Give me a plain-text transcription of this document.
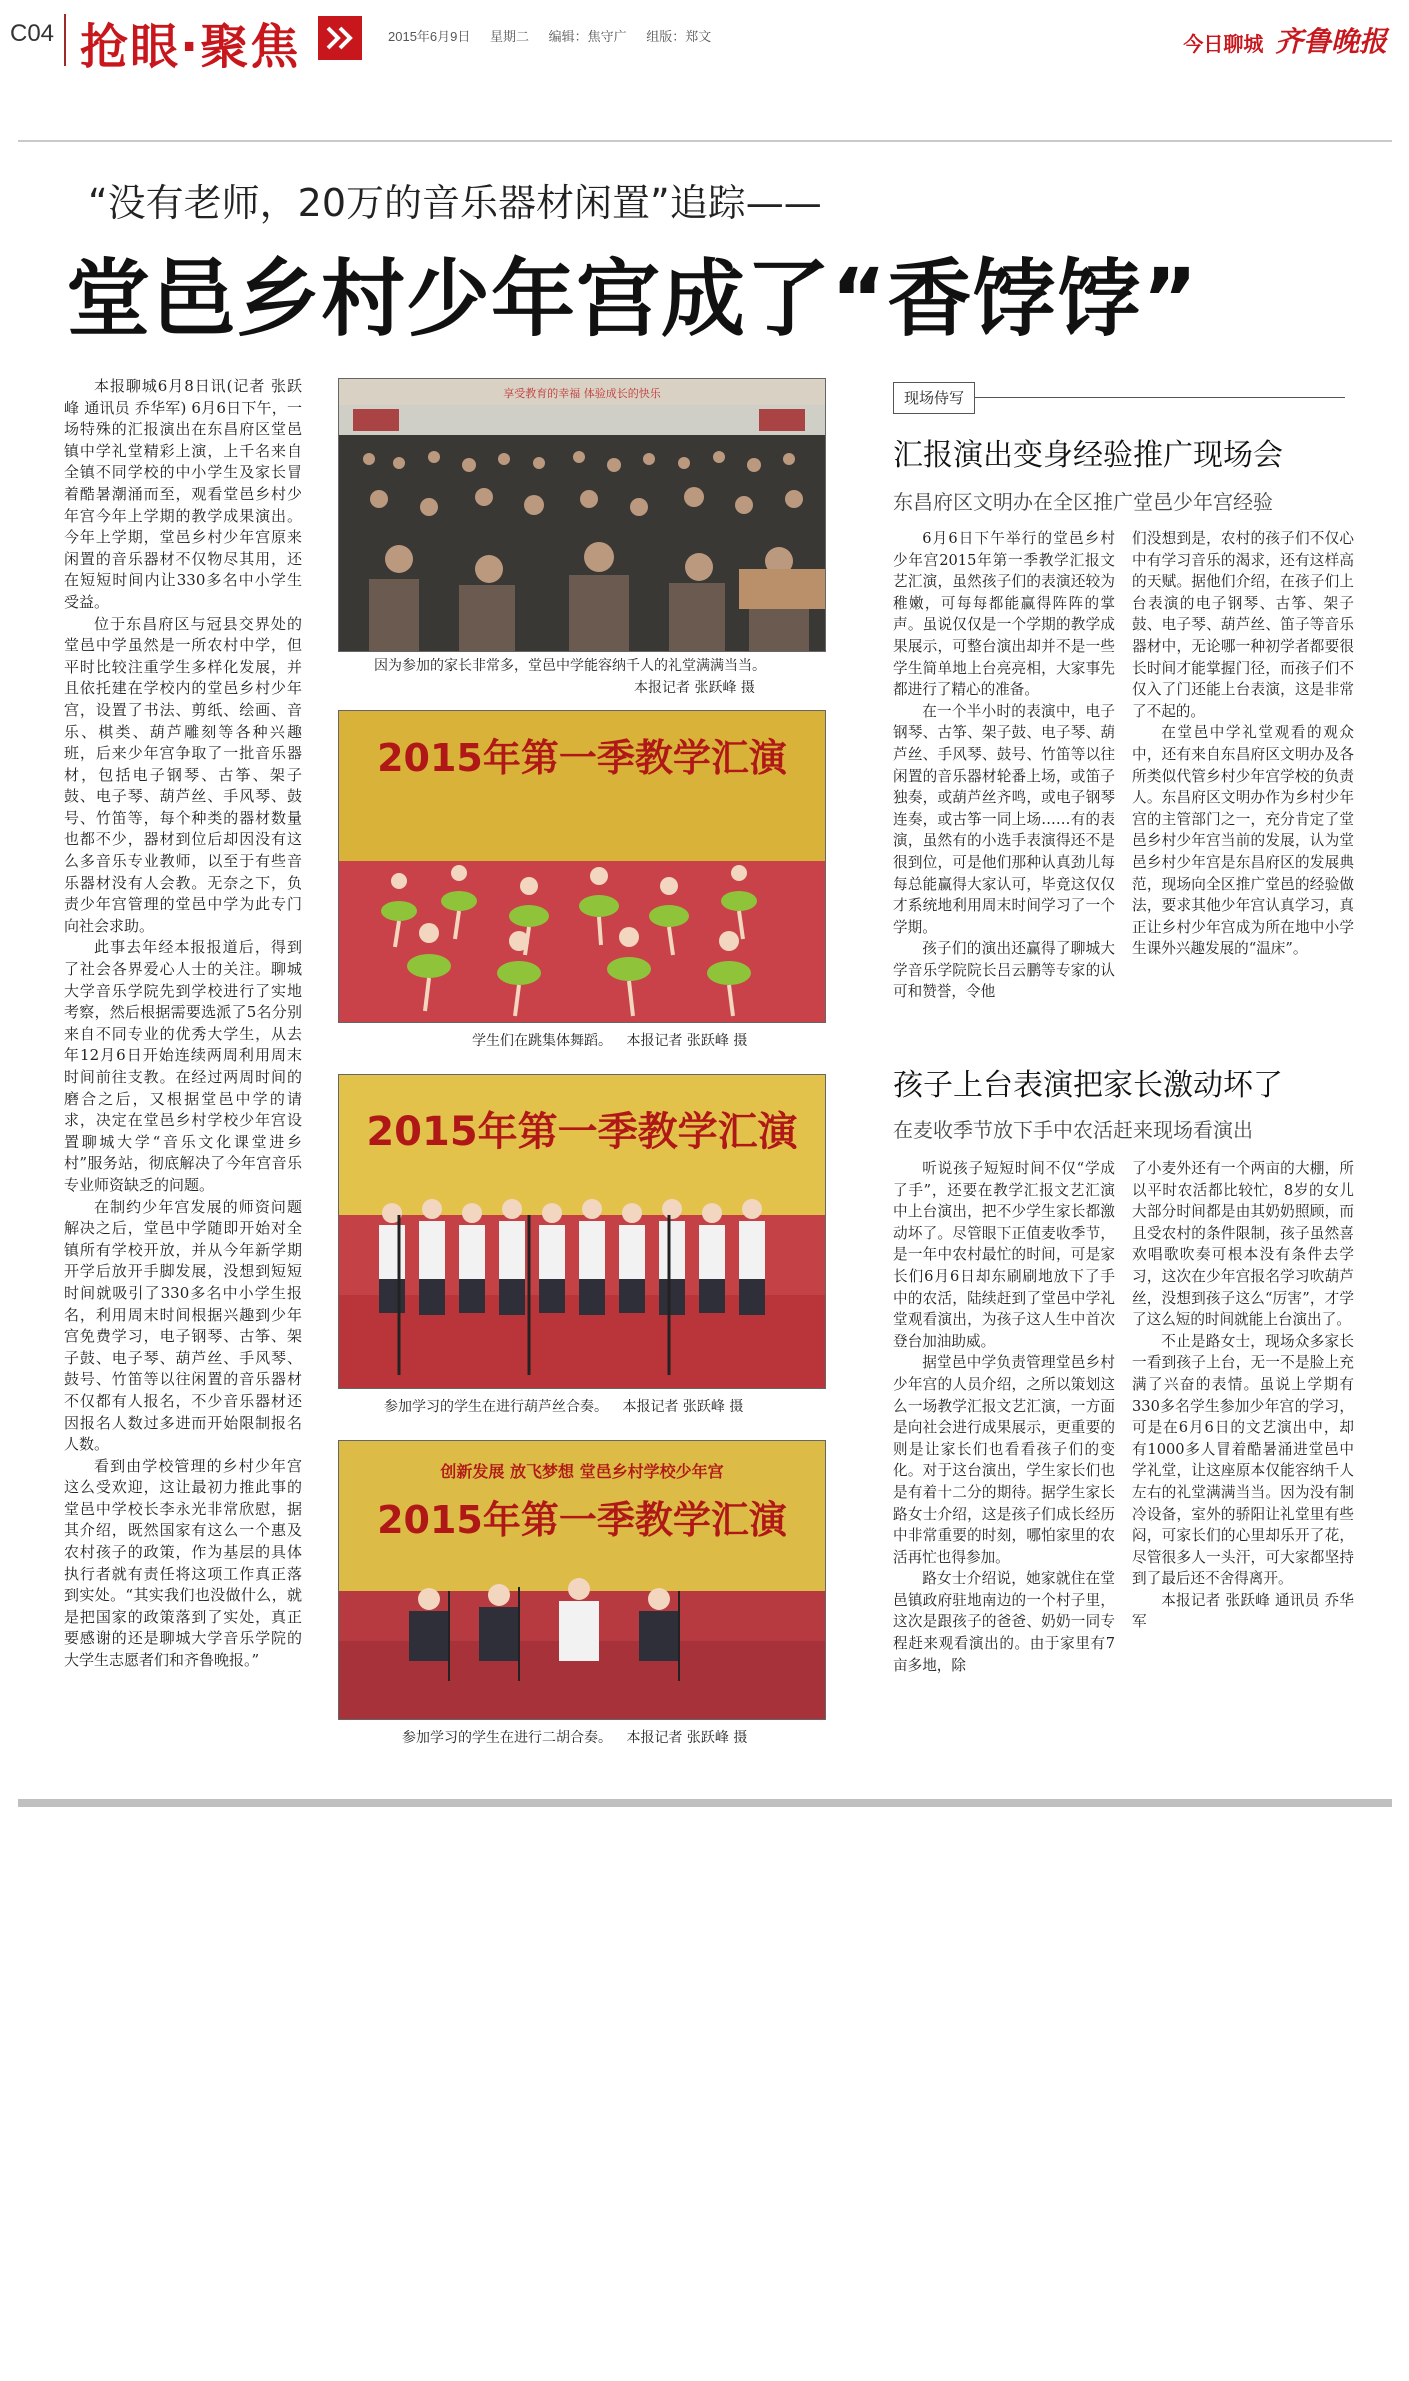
C04 抢眼·聚焦	2015年6月9日 星期二 编辑：焦守广 组版：郑文	今日聊城 齐鲁晚报
“没有老师，20万的音乐器材闲置”追踪——
堂邑乡村少年宫成了“香饽饽”

本报聊城6月8日讯(记者 张跃峰 通讯员 乔华军) 6月6日下午，一场特殊的汇报演出在东昌府区堂邑镇中学礼堂精彩上演，上千名来自全镇不同学校的中小学生及家长冒着酷暑潮涌而至，观看堂邑乡村少年宫今年上学期的教学成果演出。今年上学期，堂邑乡村少年宫原来闲置的音乐器材不仅物尽其用，还在短短时间内让330多名中小学生受益。

位于东昌府区与冠县交界处的堂邑中学虽然是一所农村中学，但平时比较注重学生多样化发展，并且依托建在学校内的堂邑乡村少年宫，设置了书法、剪纸、绘画、音乐、棋类、葫芦雕刻等各种兴趣班，后来少年宫争取了一批音乐器材，包括电子钢琴、古筝、架子鼓、电子琴、葫芦丝、手风琴、鼓号、竹笛等，每个种类的器材数量也都不少，器材到位后却因没有这么多音乐专业教师，以至于有些音乐器材没有人会教。无奈之下，负责少年宫管理的堂邑中学为此专门向社会求助。

此事去年经本报报道后，得到了社会各界爱心人士的关注。聊城大学音乐学院先到学校进行了实地考察，然后根据需要选派了5名分别来自不同专业的优秀大学生，从去年12月6日开始连续两周利用周末时间前往支教。在经过两周时间的磨合之后，又根据堂邑中学的请求，决定在堂邑乡村学校少年宫设置聊城大学“音乐文化课堂进乡村”服务站，彻底解决了今年宫音乐专业师资缺乏的问题。

在制约少年宫发展的师资问题解决之后，堂邑中学随即开始对全镇所有学校开放，并从今年新学期开学后放开手脚发展，没想到短短时间就吸引了330多名中小学生报名，利用周末时间根据兴趣到少年宫免费学习，电子钢琴、古筝、架子鼓、电子琴、葫芦丝、手风琴、鼓号、竹笛等以往闲置的音乐器材不仅都有人报名，不少音乐器材还因报名人数过多进而开始限制报名人数。

看到由学校管理的乡村少年宫这么受欢迎，这让最初力推此事的堂邑中学校长李永光非常欣慰，据其介绍，既然国家有这么一个惠及农村孩子的政策，作为基层的具体执行者就有责任将这项工作真正落到实处。“其实我们也没做什么，就是把国家的政策落到了实处，真正要感谢的还是聊城大学音乐学院的大学生志愿者们和齐鲁晚报。”

享受教育的幸福 体验成长的快乐
因为参加的家长非常多，堂邑中学能容纳千人的礼堂满满当当。
本报记者 张跃峰 摄
2015年第一季教学汇演
学生们在跳集体舞蹈。 本报记者 张跃峰 摄
2015年第一季教学汇演
参加学习的学生在进行葫芦丝合奏。 本报记者 张跃峰 摄
创新发展 放飞梦想 堂邑乡村学校少年宫
2015年第一季教学汇演
参加学习的学生在进行二胡合奏。 本报记者 张跃峰 摄
现场侍写
汇报演出变身经验推广现场会
东昌府区文明办在全区推广堂邑少年宫经验

6月6日下午举行的堂邑乡村少年宫2015年第一季教学汇报文艺汇演，虽然孩子们的表演还较为稚嫩，可每每都能赢得阵阵的掌声。虽说仅仅是一个学期的教学成果展示，可整台演出却并不是一些学生简单地上台亮亮相，大家事先都进行了精心的准备。

在一个半小时的表演中，电子钢琴、古筝、架子鼓、电子琴、葫芦丝、手风琴、鼓号、竹笛等以往闲置的音乐器材轮番上场，或笛子独奏，或葫芦丝齐鸣，或电子钢琴连奏，或古筝一同上场……有的表演，虽然有的小选手表演得还不是很到位，可是他们那种认真劲儿每每总能赢得大家认可，毕竟这仅仅才系统地利用周末时间学习了一个学期。

孩子们的演出还赢得了聊城大学音乐学院院长吕云鹏等专家的认可和赞誉，令他

们没想到是，农村的孩子们不仅心中有学习音乐的渴求，还有这样高的天赋。据他们介绍，在孩子们上台表演的电子钢琴、古筝、架子鼓、电子琴、葫芦丝、笛子等音乐器材中，无论哪一种初学者都要很长时间才能掌握门径，而孩子们不仅入了门还能上台表演，这是非常了不起的。

在堂邑中学礼堂观看的观众中，还有来自东昌府区文明办及各所类似代管乡村少年宫学校的负责人。东昌府区文明办作为乡村少年宫的主管部门之一，充分肯定了堂邑乡村少年宫当前的发展，认为堂邑乡村少年宫是东昌府区的发展典范，现场向全区推广堂邑的经验做法，要求其他少年宫认真学习，真正让乡村少年宫成为所在地中小学生课外兴趣发展的“温床”。

孩子上台表演把家长激动坏了
在麦收季节放下手中农活赶来现场看演出

听说孩子短短时间不仅“学成了手”，还要在教学汇报文艺汇演中上台演出，把不少学生家长都激动坏了。尽管眼下正值麦收季节，是一年中农村最忙的时间，可是家长们6月6日却东刷刷地放下了手中的农活，陆续赶到了堂邑中学礼堂观看演出，为孩子这人生中首次登台加油助威。

据堂邑中学负责管理堂邑乡村少年宫的人员介绍，之所以策划这么一场教学汇报文艺汇演，一方面是向社会进行成果展示，更重要的则是让家长们也看看孩子们的变化。对于这台演出，学生家长们也是有着十二分的期待。据学生家长路女士介绍，这是孩子们成长经历中非常重要的时刻，哪怕家里的农活再忙也得参加。

路女士介绍说，她家就住在堂邑镇政府驻地南边的一个村子里，这次是跟孩子的爸爸、奶奶一同专程赶来观看演出的。由于家里有7亩多地，除

了小麦外还有一个两亩的大棚，所以平时农活都比较忙，8岁的女儿大部分时间都是由其奶奶照顾，而且受农村的条件限制，孩子虽然喜欢唱歌吹奏可根本没有条件去学习，这次在少年宫报名学习吹葫芦丝，没想到孩子这么“厉害”，才学了这么短的时间就能上台演出了。

不止是路女士，现场众多家长一看到孩子上台，无一不是脸上充满了兴奋的表情。虽说上学期有330多名学生参加少年宫的学习，可是在6月6日的文艺演出中，却有1000多人冒着酷暑涌进堂邑中学礼堂，让这座原本仅能容纳千人左右的礼堂满满当当。因为没有制冷设备，室外的骄阳让礼堂里有些闷，可家长们的心里却乐开了花，尽管很多人一头汗，可大家都坚持到了最后还不舍得离开。

本报记者 张跃峰 通讯员 乔华军
